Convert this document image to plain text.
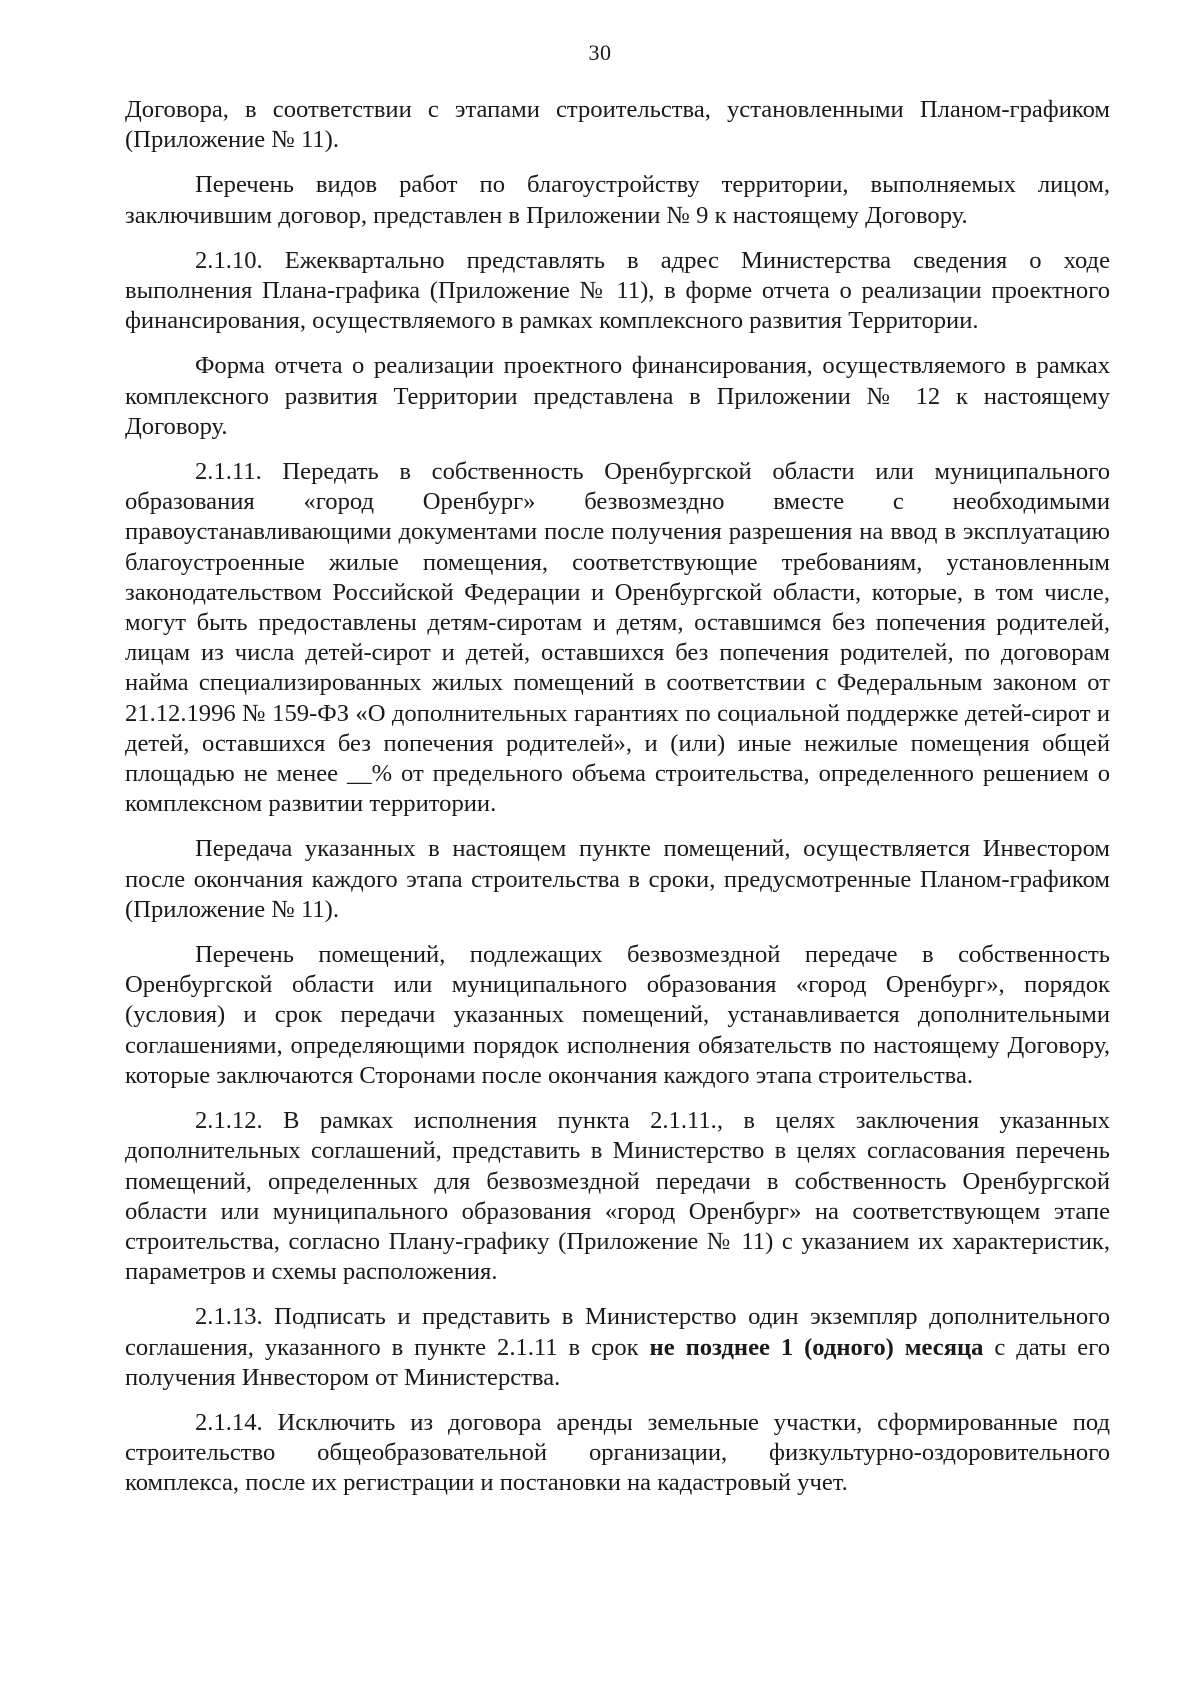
30

Договора, в соответствии с этапами строительства, установленными Планом-графиком (Приложение № 11).

Перечень видов работ по благоустройству территории, выполняемых лицом, заключившим договор, представлен в Приложении № 9 к настоящему Договору.

2.1.10. Ежеквартально представлять в адрес Министерства сведения о ходе выполнения Плана-графика (Приложение № 11), в форме отчета о реализации проектного финансирования, осуществляемого в рамках комплексного развития Территории.

Форма отчета о реализации проектного финансирования, осуществляемого в рамках комплексного развития Территории представлена в Приложении № 12 к настоящему Договору.

2.1.11. Передать в собственность Оренбургской области или муниципального образования «город Оренбург» безвозмездно вместе с необходимыми правоустанавливающими документами после получения разрешения на ввод в эксплуатацию благоустроенные жилые помещения, соответствующие требованиям, установленным законодательством Российской Федерации и Оренбургской области, которые, в том числе, могут быть предоставлены детям-сиротам и детям, оставшимся без попечения родителей, лицам из числа детей-сирот и детей, оставшихся без попечения родителей, по договорам найма специализированных жилых помещений в соответствии с Федеральным законом от 21.12.1996 № 159-ФЗ «О дополнительных гарантиях по социальной поддержке детей-сирот и детей, оставшихся без попечения родителей», и (или) иные нежилые помещения общей площадью не менее __% от предельного объема строительства, определенного решением о комплексном развитии территории.

Передача указанных в настоящем пункте помещений, осуществляется Инвестором после окончания каждого этапа строительства в сроки, предусмотренные Планом-графиком (Приложение № 11).

Перечень помещений, подлежащих безвозмездной передаче в собственность Оренбургской области или муниципального образования «город Оренбург», порядок (условия) и срок передачи указанных помещений, устанавливается дополнительными соглашениями, определяющими порядок исполнения обязательств по настоящему Договору, которые заключаются Сторонами после окончания каждого этапа строительства.

2.1.12. В рамках исполнения пункта 2.1.11., в целях заключения указанных дополнительных соглашений, представить в Министерство в целях согласования перечень помещений, определенных для безвозмездной передачи в собственность Оренбургской области или муниципального образования «город Оренбург» на соответствующем этапе строительства, согласно Плану-графику (Приложение № 11) с указанием их характеристик, параметров и схемы расположения.

2.1.13. Подписать и представить в Министерство один экземпляр дополнительного соглашения, указанного в пункте 2.1.11 в срок не позднее 1 (одного) месяца с даты его получения Инвестором от Министерства.

2.1.14. Исключить из договора аренды земельные участки, сформированные под строительство общеобразовательной организации, физкультурно-оздоровительного комплекса, после их регистрации и постановки на кадастровый учет.
